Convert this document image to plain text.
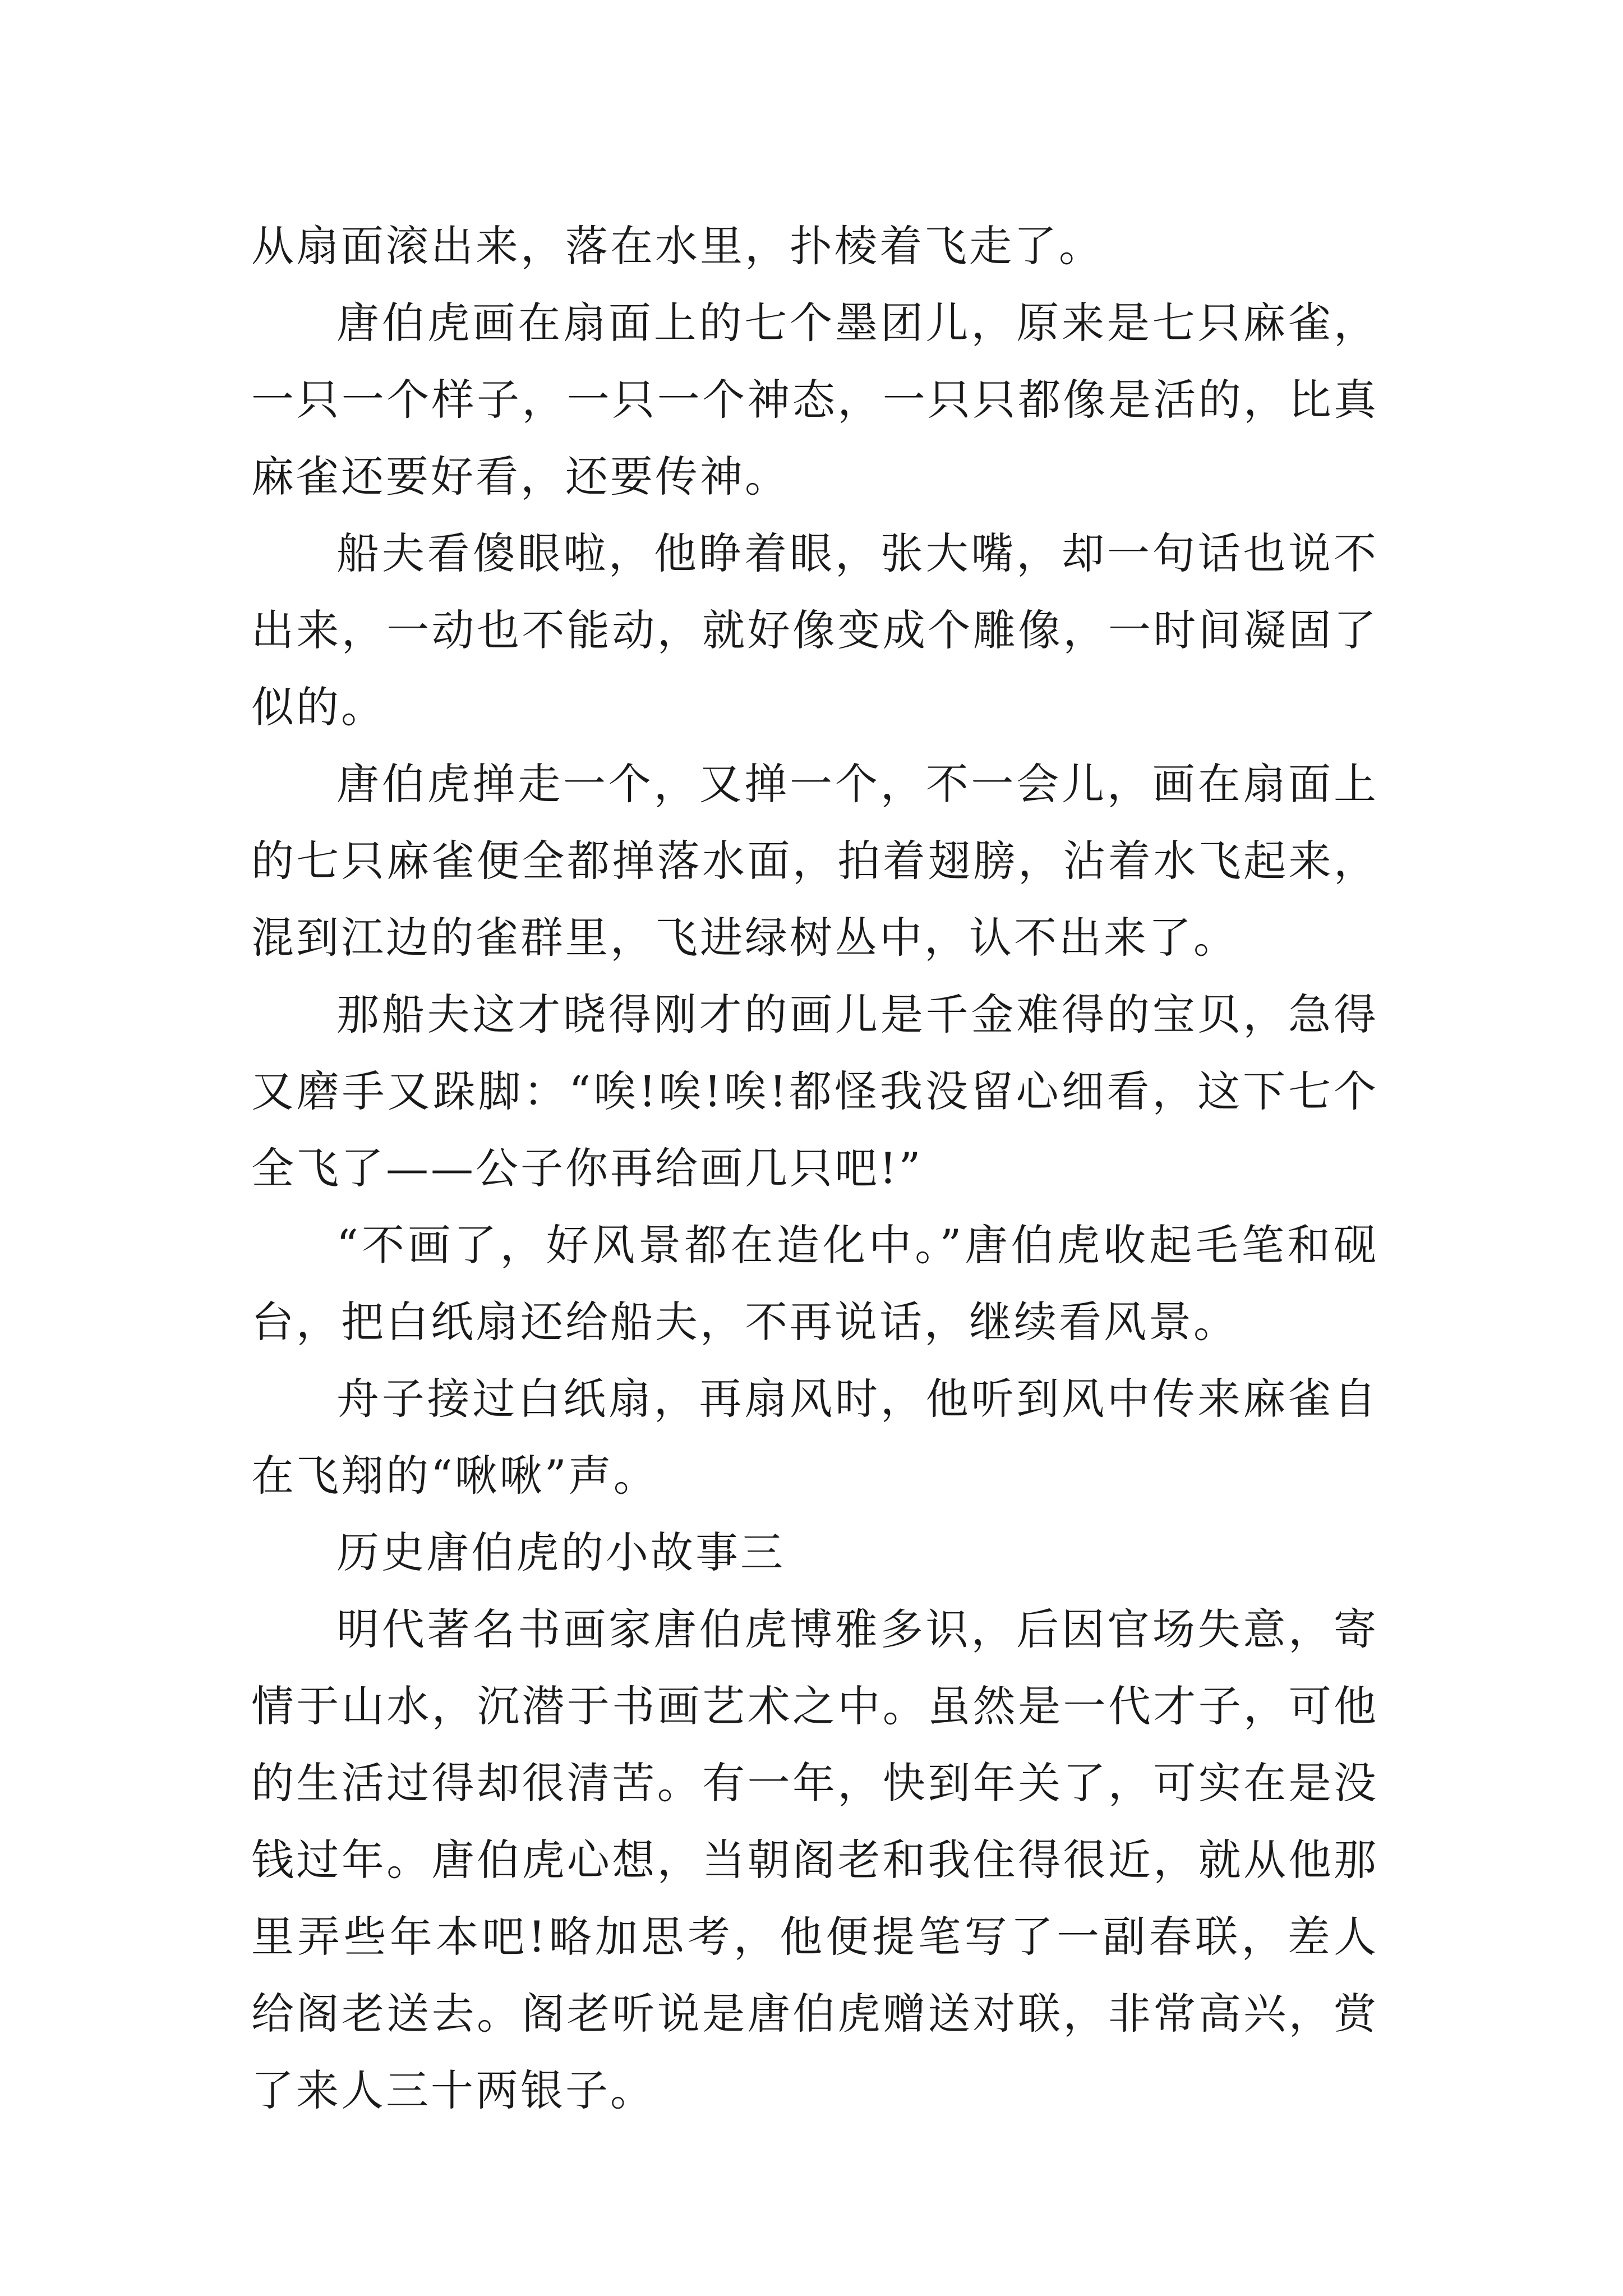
从扇面滚出来，落在水里，扑棱着飞走了。

唐伯虎画在扇面上的七个墨团儿，原来是七只麻雀，一只一个样子，一只一个神态，一只只都像是活的，比真麻雀还要好看，还要传神。

船夫看傻眼啦，他睁着眼，张大嘴，却一句话也说不出来，一动也不能动，就好像变成个雕像，一时间凝固了似的。

唐伯虎掸走一个，又掸一个，不一会儿，画在扇面上的七只麻雀便全都掸落水面，拍着翅膀，沾着水飞起来，混到江边的雀群里，飞进绿树丛中，认不出来了。

那船夫这才晓得刚才的画儿是千金难得的宝贝，急得又磨手又跺脚：“唉!唉!唉!都怪我没留心细看，这下七个全飞了——公子你再给画几只吧!”

“不画了，好风景都在造化中。”唐伯虎收起毛笔和砚台，把白纸扇还给船夫，不再说话，继续看风景。

舟子接过白纸扇，再扇风时，他听到风中传来麻雀自在飞翔的“啾啾”声。

历史唐伯虎的小故事三

明代著名书画家唐伯虎博雅多识，后因官场失意，寄情于山水，沉潜于书画艺术之中。虽然是一代才子，可他的生活过得却很清苦。有一年，快到年关了，可实在是没钱过年。唐伯虎心想，当朝阁老和我住得很近，就从他那里弄些年本吧!略加思考，他便提笔写了一副春联，差人给阁老送去。阁老听说是唐伯虎赠送对联，非常高兴，赏了来人三十两银子。
